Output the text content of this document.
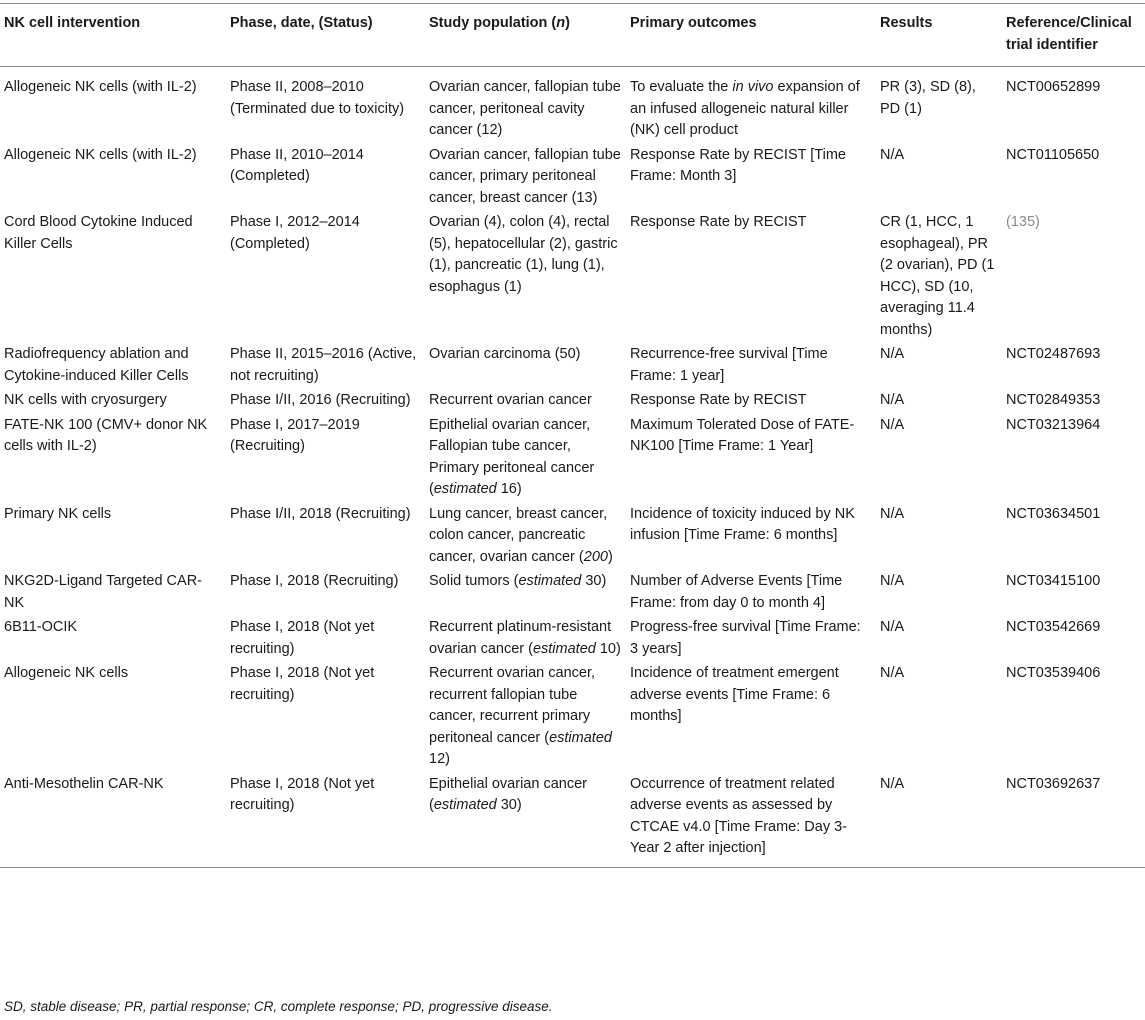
NK cell intervention	Phase, date, (Status)	Study population (n)	Primary outcomes	Results	Reference/Clinical trial identifier
Allogeneic NK cells (with IL-2)	Phase II, 2008–2010 (Terminated due to toxicity)	Ovarian cancer, fallopian tube cancer, peritoneal cavity cancer (12)	To evaluate the in vivo expansion of an infused allogeneic natural killer (NK) cell product	PR (3), SD (8), PD (1)	NCT00652899
Allogeneic NK cells (with IL-2)	Phase II, 2010–2014 (Completed)	Ovarian cancer, fallopian tube cancer, primary peritoneal cancer, breast cancer (13)	Response Rate by RECIST [Time Frame: Month 3]	N/A	NCT01105650
Cord Blood Cytokine Induced Killer Cells	Phase I, 2012–2014 (Completed)	Ovarian (4), colon (4), rectal (5), hepatocellular (2), gastric (1), pancreatic (1), lung (1), esophagus (1)	Response Rate by RECIST	CR (1, HCC, 1 esophageal), PR (2 ovarian), PD (1 HCC), SD (10, averaging 11.4 months)	(135)
Radiofrequency ablation and Cytokine-induced Killer Cells	Phase II, 2015–2016 (Active, not recruiting)	Ovarian carcinoma (50)	Recurrence-free survival [Time Frame: 1 year]	N/A	NCT02487693
NK cells with cryosurgery	Phase I/II, 2016 (Recruiting)	Recurrent ovarian cancer	Response Rate by RECIST	N/A	NCT02849353
FATE-NK 100 (CMV+ donor NK cells with IL-2)	Phase I, 2017–2019 (Recruiting)	Epithelial ovarian cancer, Fallopian tube cancer, Primary peritoneal cancer (estimated 16)	Maximum Tolerated Dose of FATE-NK100 [Time Frame: 1 Year]	N/A	NCT03213964
Primary NK cells	Phase I/II, 2018 (Recruiting)	Lung cancer, breast cancer, colon cancer, pancreatic cancer, ovarian cancer (200)	Incidence of toxicity induced by NK infusion [Time Frame: 6 months]	N/A	NCT03634501
NKG2D-Ligand Targeted CAR-NK	Phase I, 2018 (Recruiting)	Solid tumors (estimated 30)	Number of Adverse Events [Time Frame: from day 0 to month 4]	N/A	NCT03415100
6B11-OCIK	Phase I, 2018 (Not yet recruiting)	Recurrent platinum-resistant ovarian cancer (estimated 10)	Progress-free survival [Time Frame: 3 years]	N/A	NCT03542669
Allogeneic NK cells	Phase I, 2018 (Not yet recruiting)	Recurrent ovarian cancer, recurrent fallopian tube cancer, recurrent primary peritoneal cancer (estimated 12)	Incidence of treatment emergent adverse events [Time Frame: 6 months]	N/A	NCT03539406
Anti-Mesothelin CAR-NK	Phase I, 2018 (Not yet recruiting)	Epithelial ovarian cancer (estimated 30)	Occurrence of treatment related adverse events as assessed by CTCAE v4.0 [Time Frame: Day 3-Year 2 after injection]	N/A	NCT03692637
SD, stable disease; PR, partial response; CR, complete response; PD, progressive disease.
